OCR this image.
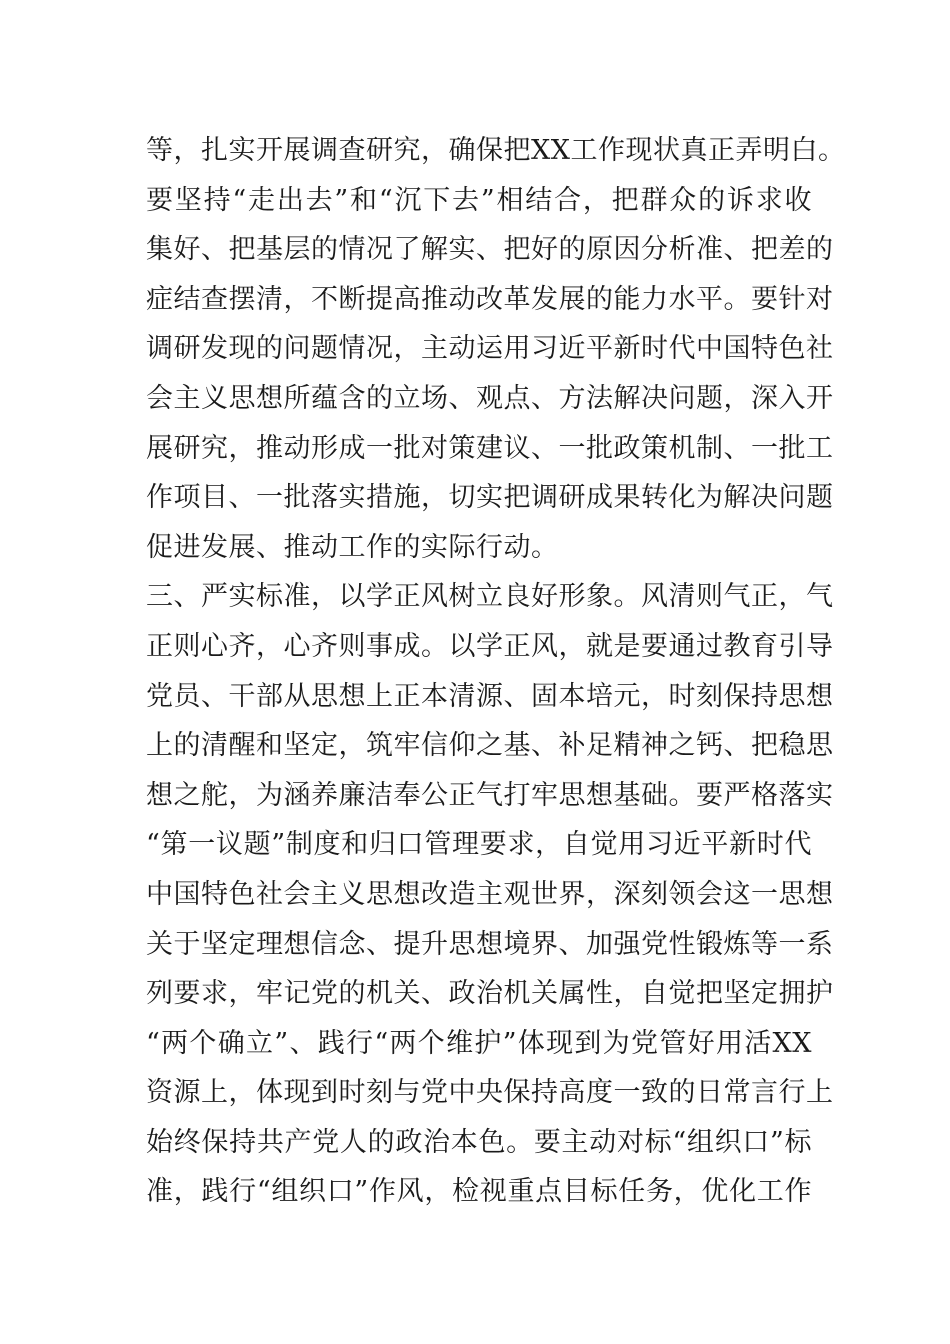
等，扎实开展调查研究，确保把XX工作现状真正弄明白。
要坚持“走出去”和“沉下去”相结合，把群众的诉求收
集好、把基层的情况了解实、把好的原因分析准、把差的
症结查摆清，不断提高推动改革发展的能力水平。要针对
调研发现的问题情况，主动运用习近平新时代中国特色社
会主义思想所蕴含的立场、观点、方法解决问题，深入开
展研究，推动形成一批对策建议、一批政策机制、一批工
作项目、一批落实措施，切实把调研成果转化为解决问题
促进发展、推动工作的实际行动。
三、严实标准，以学正风树立良好形象。风清则气正，气
正则心齐，心齐则事成。以学正风，就是要通过教育引导
党员、干部从思想上正本清源、固本培元，时刻保持思想
上的清醒和坚定，筑牢信仰之基、补足精神之钙、把稳思
想之舵，为涵养廉洁奉公正气打牢思想基础。要严格落实
“第一议题”制度和归口管理要求，自觉用习近平新时代
中国特色社会主义思想改造主观世界，深刻领会这一思想
关于坚定理想信念、提升思想境界、加强党性锻炼等一系
列要求，牢记党的机关、政治机关属性，自觉把坚定拥护
“两个确立”、践行“两个维护”体现到为党管好用活XX
资源上，体现到时刻与党中央保持高度一致的日常言行上
始终保持共产党人的政治本色。要主动对标“组织口”标
准，践行“组织口”作风，检视重点目标任务，优化工作
